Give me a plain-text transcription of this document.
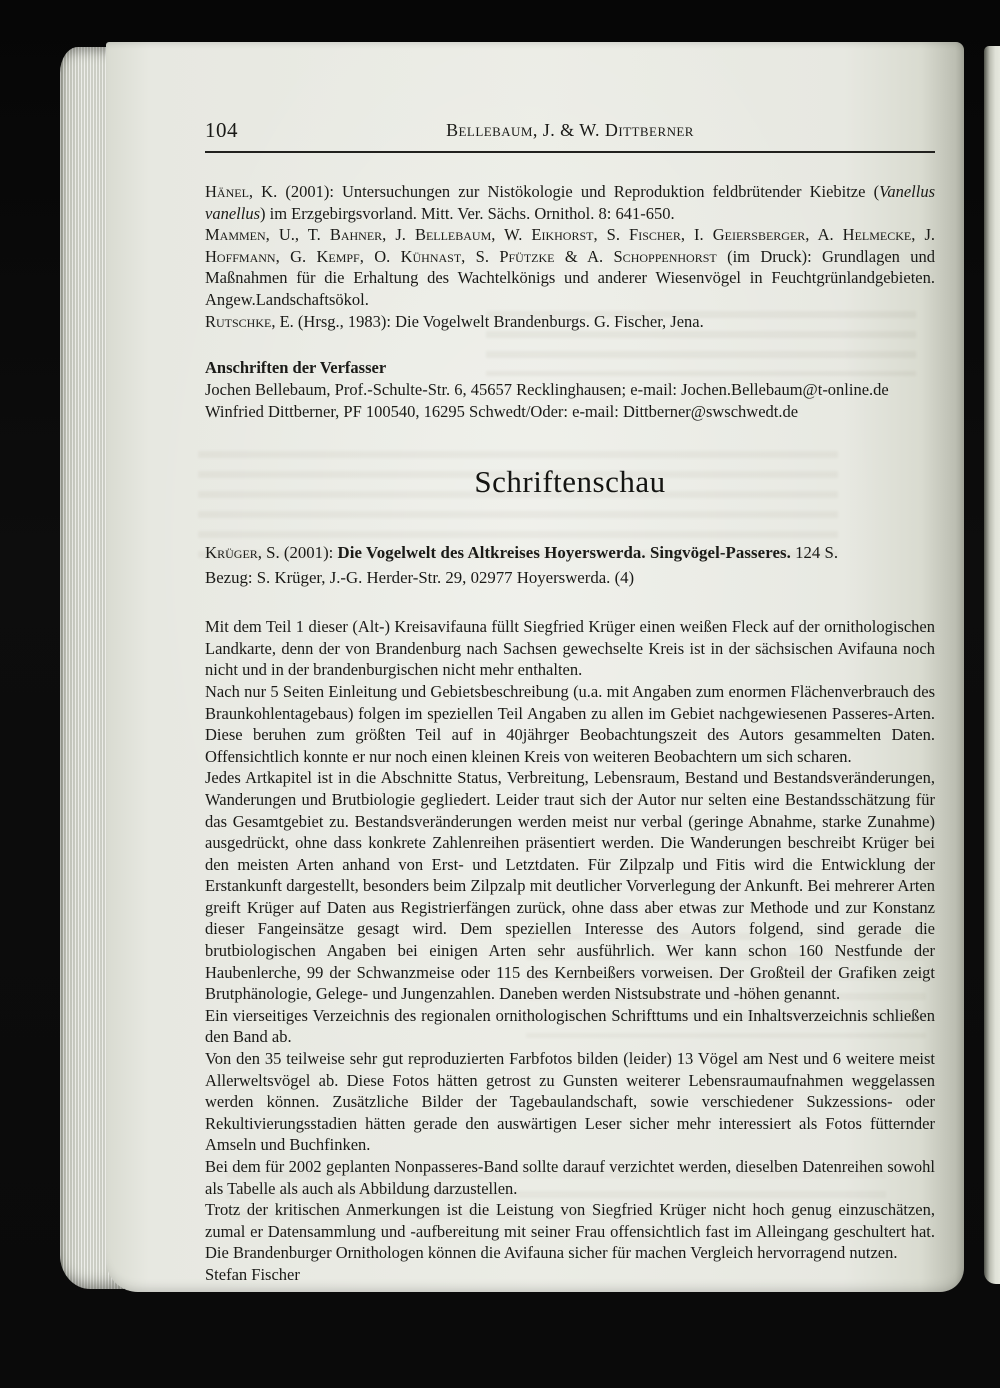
104	Bellebaum, J. & W. Dittberner

Hänel, K. (2001): Untersuchungen zur Nistökologie und Reproduktion feldbrütender Kiebitze (Vanellus vanellus) im Erzgebirgsvorland. Mitt. Ver. Sächs. Ornithol. 8: 641-650.

Mammen, U., T. Bahner, J. Bellebaum, W. Eikhorst, S. Fischer, I. Geiersberger, A. Helmecke, J. Hoffmann, G. Kempf, O. Kühnast, S. Pfützke & A. Schoppenhorst (im Druck): Grundlagen und Maßnahmen für die Erhaltung des Wachtelkönigs und anderer Wiesenvögel in Feuchtgrünlandgebieten. Angew.Landschaftsökol.

Rutschke, E. (Hrsg., 1983): Die Vogelwelt Brandenburgs. G. Fischer, Jena.

Anschriften der Verfasser

Jochen Bellebaum, Prof.-Schulte-Str. 6, 45657 Recklinghausen; e-mail: Jochen.Bellebaum@t-online.de

Winfried Dittberner, PF 100540, 16295 Schwedt/Oder: e-mail: Dittberner@swschwedt.de

Schriftenschau

Krüger, S. (2001): Die Vogelwelt des Altkreises Hoyerswerda. Singvögel-Passeres. 124 S.

Bezug: S. Krüger, J.-G. Herder-Str. 29, 02977 Hoyerswerda. (4)

Mit dem Teil 1 dieser (Alt-) Kreisavifauna füllt Siegfried Krüger einen weißen Fleck auf der ornithologischen Landkarte, denn der von Brandenburg nach Sachsen gewechselte Kreis ist in der sächsischen Avifauna noch nicht und in der brandenburgischen nicht mehr enthalten.

Nach nur 5 Seiten Einleitung und Gebietsbeschreibung (u.a. mit Angaben zum enormen Flächenverbrauch des Braunkohlentagebaus) folgen im speziellen Teil Angaben zu allen im Gebiet nachgewiesenen Passeres-Arten. Diese beruhen zum größten Teil auf in 40jährger Beobachtungszeit des Autors gesammelten Daten. Offensichtlich konnte er nur noch einen kleinen Kreis von weiteren Beobachtern um sich scharen.

Jedes Artkapitel ist in die Abschnitte Status, Verbreitung, Lebensraum, Bestand und Bestandsveränderungen, Wanderungen und Brutbiologie gegliedert. Leider traut sich der Autor nur selten eine Bestandsschätzung für das Gesamtgebiet zu. Bestandsveränderungen werden meist nur verbal (geringe Abnahme, starke Zunahme) ausgedrückt, ohne dass konkrete Zahlenreihen präsentiert werden. Die Wanderungen beschreibt Krüger bei den meisten Arten anhand von Erst- und Letztdaten. Für Zilpzalp und Fitis wird die Entwicklung der Erstankunft dargestellt, besonders beim Zilpzalp mit deutlicher Vorverlegung der Ankunft. Bei mehrerer Arten greift Krüger auf Daten aus Registrierfängen zurück, ohne dass aber etwas zur Methode und zur Konstanz dieser Fangeinsätze gesagt wird. Dem speziellen Interesse des Autors folgend, sind gerade die brutbiologischen Angaben bei einigen Arten sehr ausführlich. Wer kann schon 160 Nestfunde der Haubenlerche, 99 der Schwanzmeise oder 115 des Kernbeißers vorweisen. Der Großteil der Grafiken zeigt Brutphänologie, Gelege- und Jungenzahlen. Daneben werden Nistsubstrate und -höhen genannt.

Ein vierseitiges Verzeichnis des regionalen ornithologischen Schrifttums und ein Inhaltsverzeichnis schließen den Band ab.

Von den 35 teilweise sehr gut reproduzierten Farbfotos bilden (leider) 13 Vögel am Nest und 6 weitere meist Allerweltsvögel ab. Diese Fotos hätten getrost zu Gunsten weiterer Lebensraumaufnahmen weggelassen werden können. Zusätzliche Bilder der Tagebaulandschaft, sowie verschiedener Sukzessions- oder Rekultivierungsstadien hätten gerade den auswärtigen Leser sicher mehr interessiert als Fotos fütternder Amseln und Buchfinken.

Bei dem für 2002 geplanten Nonpasseres-Band sollte darauf verzichtet werden, dieselben Datenreihen sowohl als Tabelle als auch als Abbildung darzustellen.

Trotz der kritischen Anmerkungen ist die Leistung von Siegfried Krüger nicht hoch genug einzuschätzen, zumal er Datensammlung und -aufbereitung mit seiner Frau offensichtlich fast im Alleingang geschultert hat. Die Brandenburger Ornithologen können die Avifauna sicher für machen Vergleich hervorragend nutzen.

Stefan Fischer
